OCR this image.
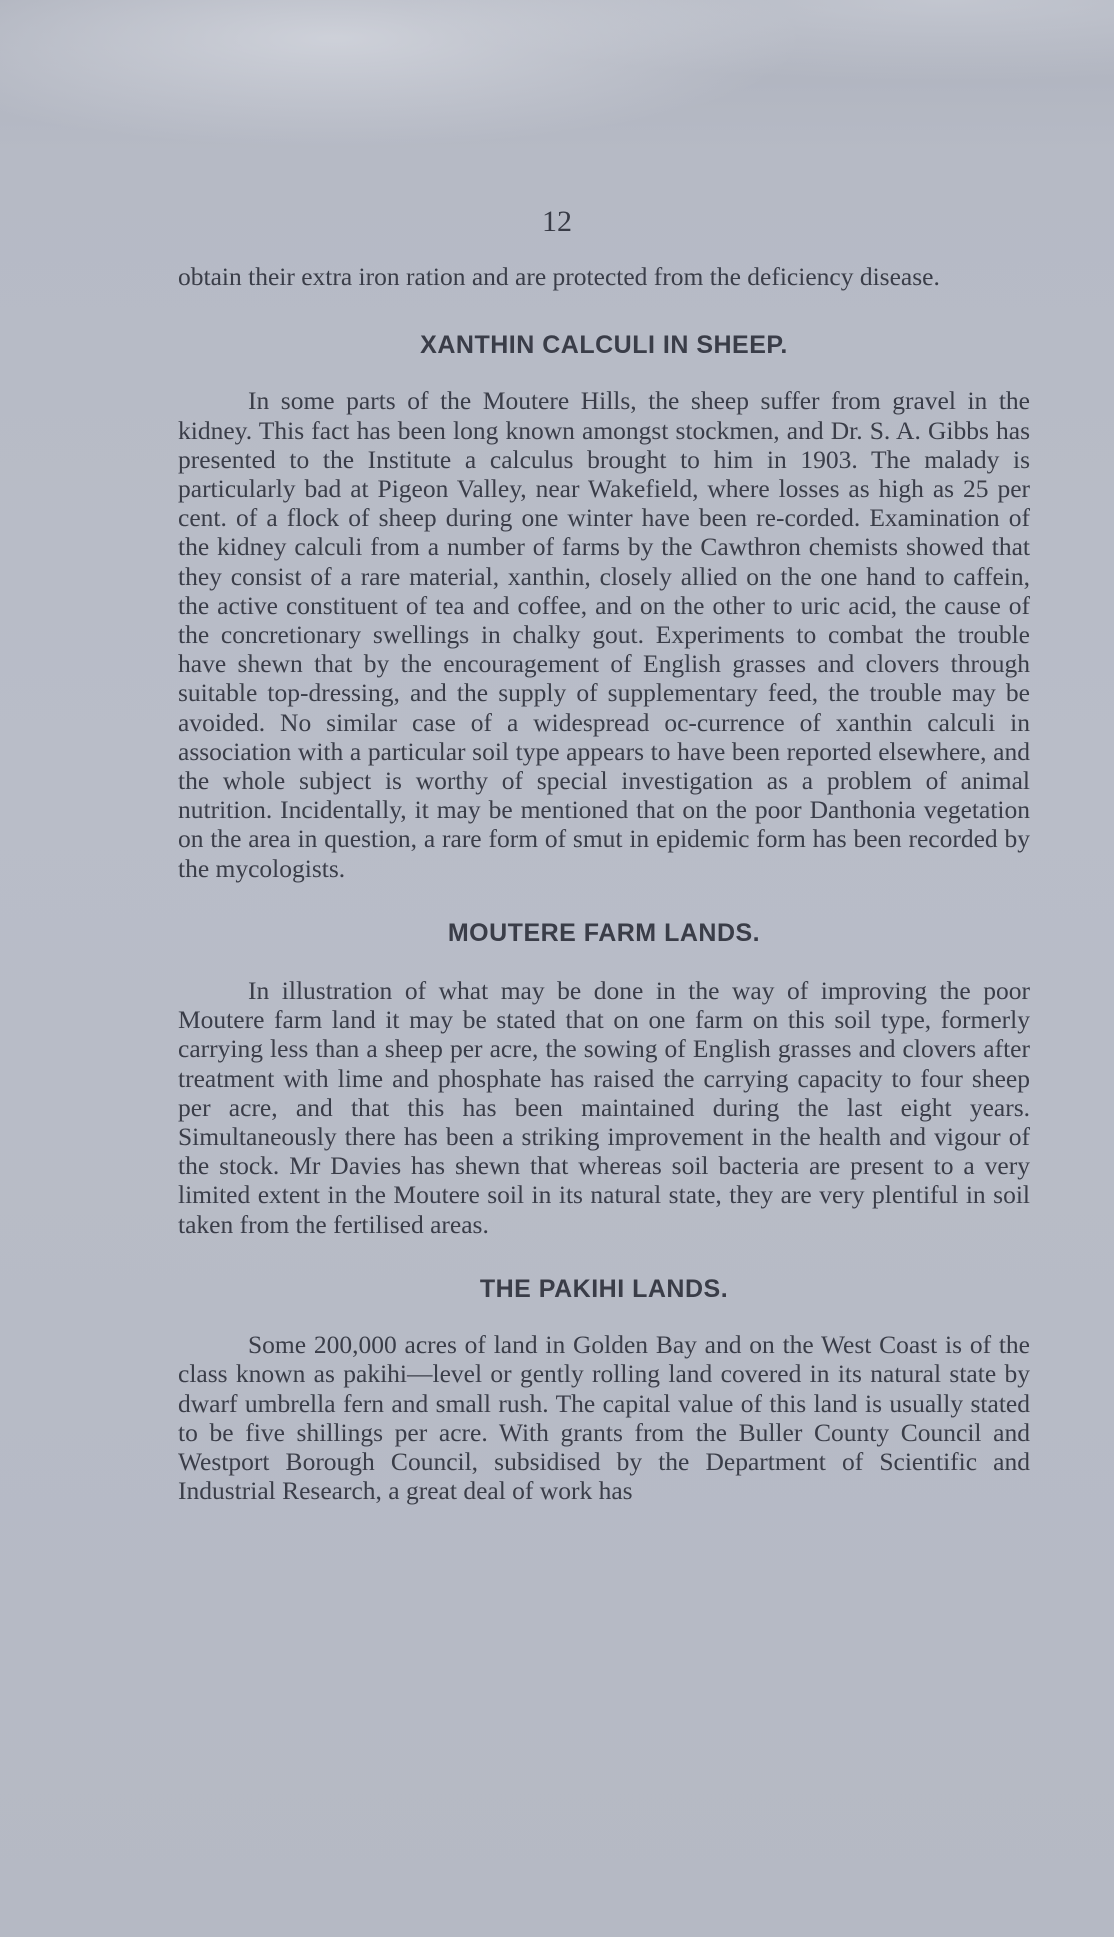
12

obtain their extra iron ration and are protected from the deficiency disease.

XANTHIN CALCULI IN SHEEP.

In some parts of the Moutere Hills, the sheep suffer from gravel in the kidney. This fact has been long known amongst stockmen, and Dr. S. A. Gibbs has presented to the Institute a calculus brought to him in 1903. The malady is particularly bad at Pigeon Valley, near Wakefield, where losses as high as 25 per cent. of a flock of sheep during one winter have been re-corded. Examination of the kidney calculi from a number of farms by the Cawthron chemists showed that they consist of a rare material, xanthin, closely allied on the one hand to caffein, the active constituent of tea and coffee, and on the other to uric acid, the cause of the concretionary swellings in chalky gout. Experiments to combat the trouble have shewn that by the encouragement of English grasses and clovers through suitable top-dressing, and the supply of supplementary feed, the trouble may be avoided. No similar case of a widespread oc-currence of xanthin calculi in association with a particular soil type appears to have been reported elsewhere, and the whole subject is worthy of special investigation as a problem of animal nutrition. Incidentally, it may be mentioned that on the poor Danthonia vegetation on the area in question, a rare form of smut in epidemic form has been recorded by the mycologists.

MOUTERE FARM LANDS.

In illustration of what may be done in the way of improving the poor Moutere farm land it may be stated that on one farm on this soil type, formerly carrying less than a sheep per acre, the sowing of English grasses and clovers after treatment with lime and phosphate has raised the carrying capacity to four sheep per acre, and that this has been maintained during the last eight years. Simultaneously there has been a striking improvement in the health and vigour of the stock. Mr Davies has shewn that whereas soil bacteria are present to a very limited extent in the Moutere soil in its natural state, they are very plentiful in soil taken from the fertilised areas.

THE PAKIHI LANDS.

Some 200,000 acres of land in Golden Bay and on the West Coast is of the class known as pakihi—level or gently rolling land covered in its natural state by dwarf umbrella fern and small rush. The capital value of this land is usually stated to be five shillings per acre. With grants from the Buller County Council and Westport Borough Council, subsidised by the Department of Scientific and Industrial Research, a great deal of work has
